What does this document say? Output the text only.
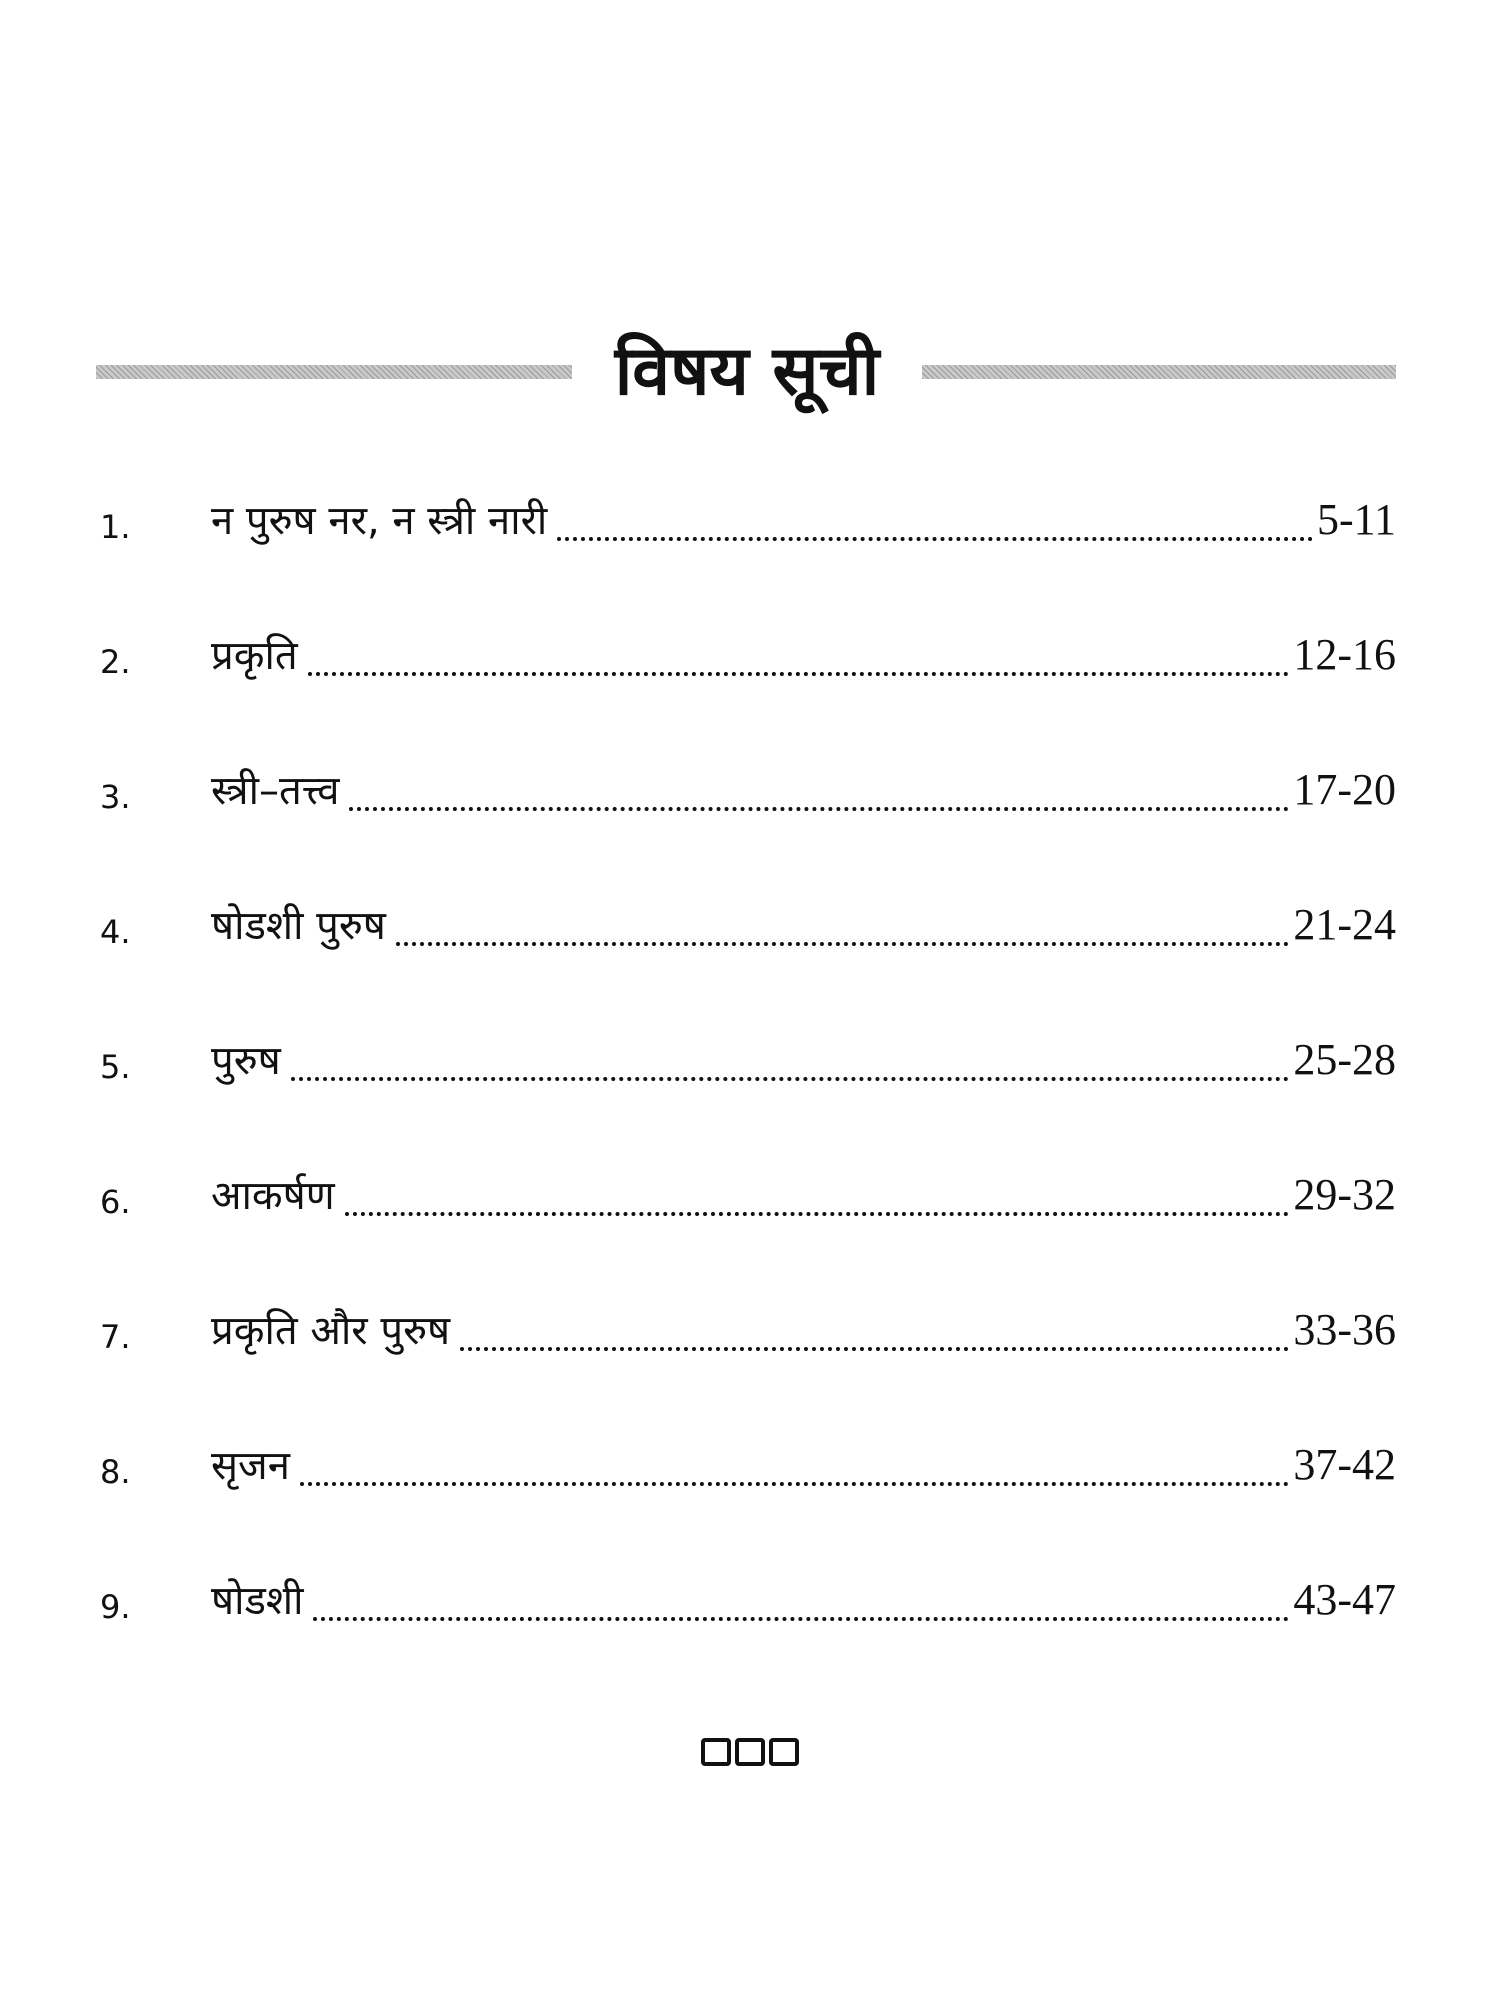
विषय सूची
1. न पुरुष नर, न स्त्री नारी	5-11
2. प्रकृति	12-16
3. स्त्री–तत्त्व	17-20
4. षोडशी पुरुष	21-24
5. पुरुष	25-28
6. आकर्षण	29-32
7. प्रकृति और पुरुष	33-36
8. सृजन	37-42
9. षोडशी	43-47
